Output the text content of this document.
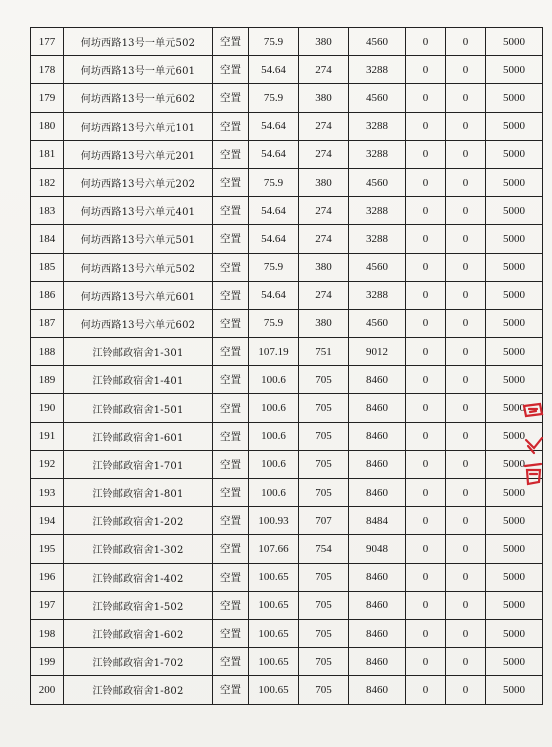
177	何坊西路13号一单元502	空置	75.9	380	4560	0	0	5000
178	何坊西路13号一单元601	空置	54.64	274	3288	0	0	5000
179	何坊西路13号一单元602	空置	75.9	380	4560	0	0	5000
180	何坊西路13号六单元101	空置	54.64	274	3288	0	0	5000
181	何坊西路13号六单元201	空置	54.64	274	3288	0	0	5000
182	何坊西路13号六单元202	空置	75.9	380	4560	0	0	5000
183	何坊西路13号六单元401	空置	54.64	274	3288	0	0	5000
184	何坊西路13号六单元501	空置	54.64	274	3288	0	0	5000
185	何坊西路13号六单元502	空置	75.9	380	4560	0	0	5000
186	何坊西路13号六单元601	空置	54.64	274	3288	0	0	5000
187	何坊西路13号六单元602	空置	75.9	380	4560	0	0	5000
188	江铃邮政宿舍1-301	空置	107.19	751	9012	0	0	5000
189	江铃邮政宿舍1-401	空置	100.6	705	8460	0	0	5000
190	江铃邮政宿舍1-501	空置	100.6	705	8460	0	0	5000
191	江铃邮政宿舍1-601	空置	100.6	705	8460	0	0	5000
192	江铃邮政宿舍1-701	空置	100.6	705	8460	0	0	5000
193	江铃邮政宿舍1-801	空置	100.6	705	8460	0	0	5000
194	江铃邮政宿舍1-202	空置	100.93	707	8484	0	0	5000
195	江铃邮政宿舍1-302	空置	107.66	754	9048	0	0	5000
196	江铃邮政宿舍1-402	空置	100.65	705	8460	0	0	5000
197	江铃邮政宿舍1-502	空置	100.65	705	8460	0	0	5000
198	江铃邮政宿舍1-602	空置	100.65	705	8460	0	0	5000
199	江铃邮政宿舍1-702	空置	100.65	705	8460	0	0	5000
200	江铃邮政宿舍1-802	空置	100.65	705	8460	0	0	5000
